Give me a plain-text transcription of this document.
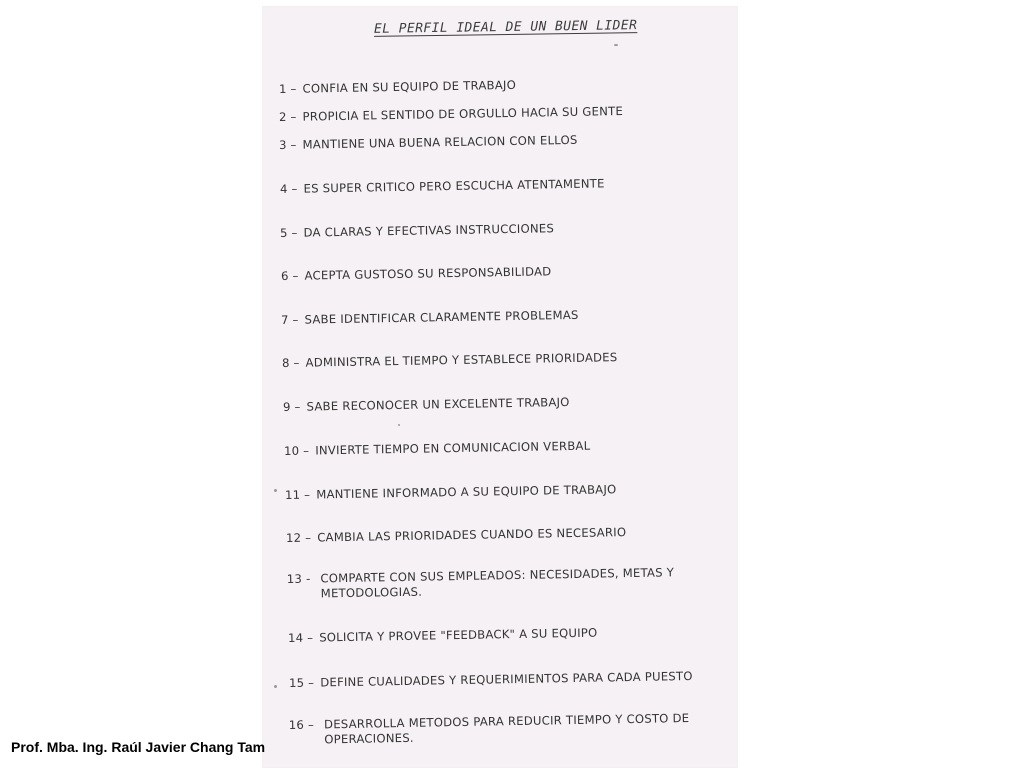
EL PERFIL IDEAL DE UN BUEN LIDER
1 – CONFIA EN SU EQUIPO DE TRABAJO
2 – PROPICIA EL SENTIDO DE ORGULLO HACIA SU GENTE
3 – MANTIENE UNA BUENA RELACION CON ELLOS
4 – ES SUPER CRITICO PERO ESCUCHA ATENTAMENTE
5 – DA CLARAS Y EFECTIVAS INSTRUCCIONES
6 – ACEPTA GUSTOSO SU RESPONSABILIDAD
7 – SABE IDENTIFICAR CLARAMENTE PROBLEMAS
8 – ADMINISTRA EL TIEMPO Y ESTABLECE PRIORIDADES
9 – SABE RECONOCER UN EXCELENTE TRABAJO
10 – INVIERTE TIEMPO EN COMUNICACION VERBAL
11 – MANTIENE INFORMADO A SU EQUIPO DE TRABAJO
12 – CAMBIA LAS PRIORIDADES CUANDO ES NECESARIO
13 - COMPARTE CON SUS EMPLEADOS: NECESIDADES, METAS Y METODOLOGIAS.
14 – SOLICITA Y PROVEE "FEEDBACK" A SU EQUIPO
15 – DEFINE CUALIDADES Y REQUERIMIENTOS PARA CADA PUESTO
16 – DESARROLLA METODOS PARA REDUCIR TIEMPO Y COSTO DE OPERACIONES.
Prof. Mba. Ing. Raúl Javier Chang Tam
